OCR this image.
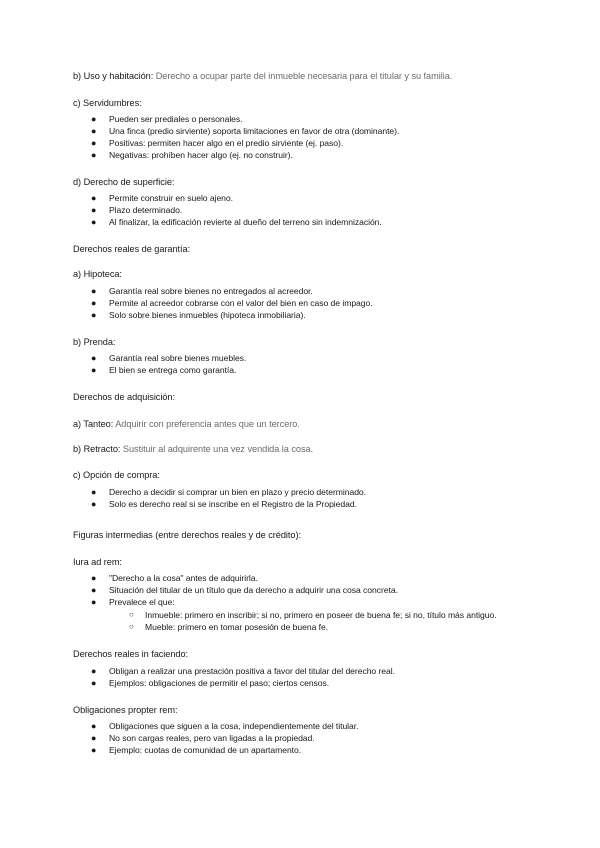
b) Uso y habitación: Derecho a ocupar parte del inmueble necesaria para el titular y su familia.
c) Servidumbres:
● Pueden ser prediales o personales.
● Una finca (predio sirviente) soporta limitaciones en favor de otra (dominante).
● Positivas: permiten hacer algo en el predio sirviente (ej. paso).
● Negativas: prohíben hacer algo (ej. no construir).
d) Derecho de superficie:
● Permite construir en suelo ajeno.
● Plazo determinado.
● Al finalizar, la edificación revierte al dueño del terreno sin indemnización.
Derechos reales de garantía:
a) Hipoteca:
● Garantía real sobre bienes no entregados al acreedor.
● Permite al acreedor cobrarse con el valor del bien en caso de impago.
● Solo sobre bienes inmuebles (hipoteca inmobiliaria).
b) Prenda:
● Garantía real sobre bienes muebles.
● El bien se entrega como garantía.
Derechos de adquisición:
a) Tanteo: Adquirir con preferencia antes que un tercero.
b) Retracto: Sustituir al adquirente una vez vendida la cosa.
c) Opción de compra:
● Derecho a decidir si comprar un bien en plazo y precio determinado.
● Solo es derecho real si se inscribe en el Registro de la Propiedad.
Figuras intermedias (entre derechos reales y de crédito):
Iura ad rem:
● "Derecho a la cosa" antes de adquirirla.
● Situación del titular de un título que da derecho a adquirir una cosa concreta.
● Prevalece el que:
○ Inmueble: primero en inscribir; si no, primero en poseer de buena fe; si no, título más antiguo.
○ Mueble: primero en tomar posesión de buena fe.
Derechos reales in faciendo:
● Obligan a realizar una prestación positiva a favor del titular del derecho real.
● Ejemplos: obligaciones de permitir el paso; ciertos censos.
Obligaciones propter rem:
● Obligaciones que siguen a la cosa, independientemente del titular.
● No son cargas reales, pero van ligadas a la propiedad.
● Ejemplo: cuotas de comunidad de un apartamento.
